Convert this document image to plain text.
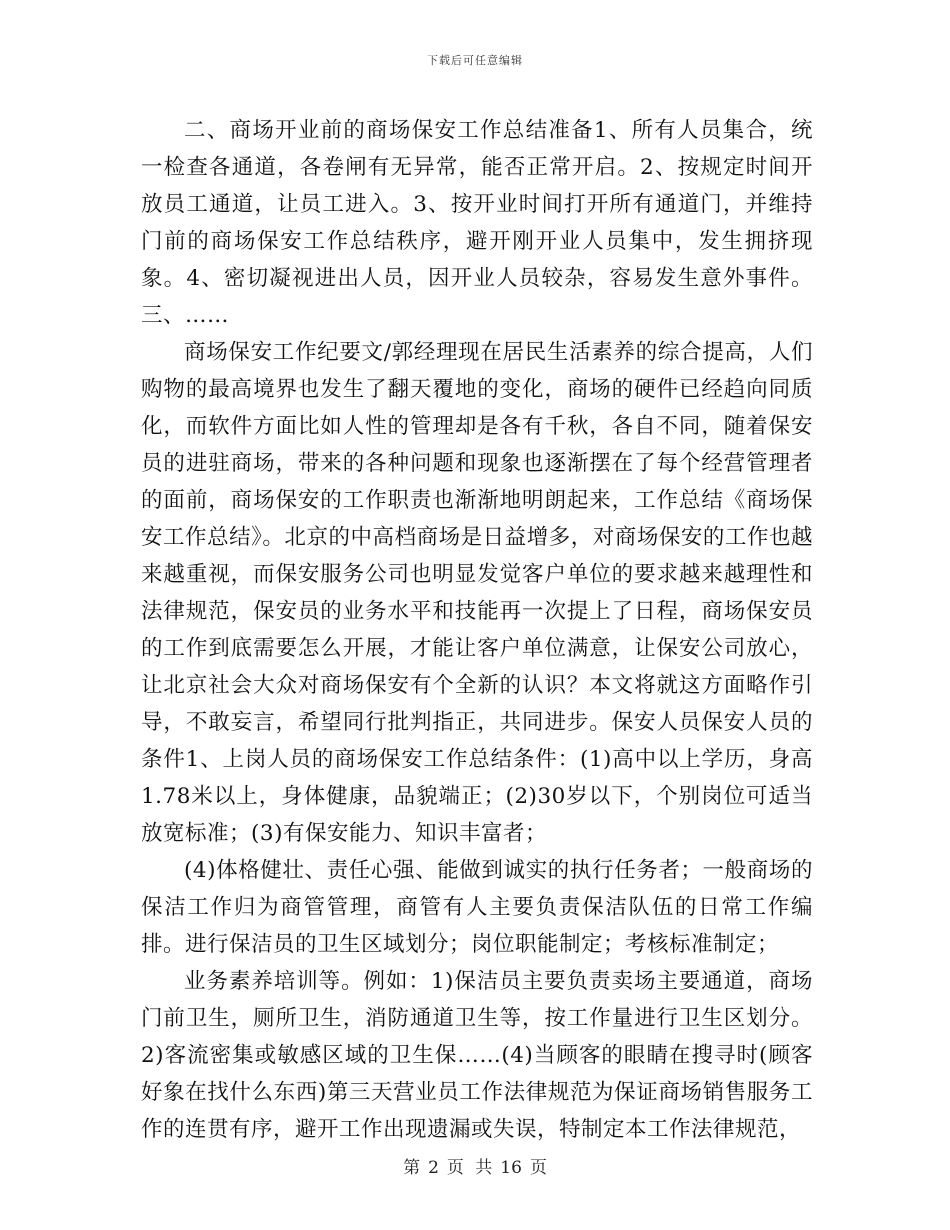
下载后可任意编辑

二、商场开业前的商场保安工作总结准备1、所有人员集合，统一检查各通道，各卷闸有无异常，能否正常开启。2、按规定时间开放员工通道，让员工进入。3、按开业时间打开所有通道门，并维持门前的商场保安工作总结秩序，避开刚开业人员集中，发生拥挤现象。4、密切凝视进出人员，因开业人员较杂，容易发生意外事件。三、……

商场保安工作纪要文/郭经理现在居民生活素养的综合提高，人们购物的最高境界也发生了翻天覆地的变化，商场的硬件已经趋向同质化，而软件方面比如人性的管理却是各有千秋，各自不同，随着保安员的进驻商场，带来的各种问题和现象也逐渐摆在了每个经营管理者的面前，商场保安的工作职责也渐渐地明朗起来，工作总结《商场保安工作总结》。北京的中高档商场是日益增多，对商场保安的工作也越来越重视，而保安服务公司也明显发觉客户单位的要求越来越理性和法律规范，保安员的业务水平和技能再一次提上了日程，商场保安员的工作到底需要怎么开展，才能让客户单位满意，让保安公司放心，让北京社会大众对商场保安有个全新的认识？本文将就这方面略作引导，不敢妄言，希望同行批判指正，共同进步。保安人员保安人员的条件1、上岗人员的商场保安工作总结条件：(1)高中以上学历，身高1.78米以上，身体健康，品貌端正；(2)30岁以下，个别岗位可适当放宽标准；(3)有保安能力、知识丰富者；

(4)体格健壮、责任心强、能做到诚实的执行任务者；一般商场的保洁工作归为商管管理，商管有人主要负责保洁队伍的日常工作编排。进行保洁员的卫生区域划分；岗位职能制定；考核标准制定；

业务素养培训等。例如：1)保洁员主要负责卖场主要通道，商场门前卫生，厕所卫生，消防通道卫生等，按工作量进行卫生区划分。2)客流密集或敏感区域的卫生保……(4)当顾客的眼睛在搜寻时(顾客好象在找什么东西)第三天营业员工作法律规范为保证商场销售服务工作的连贯有序，避开工作出现遗漏或失误，特制定本工作法律规范，

第 2 页 共 16 页
